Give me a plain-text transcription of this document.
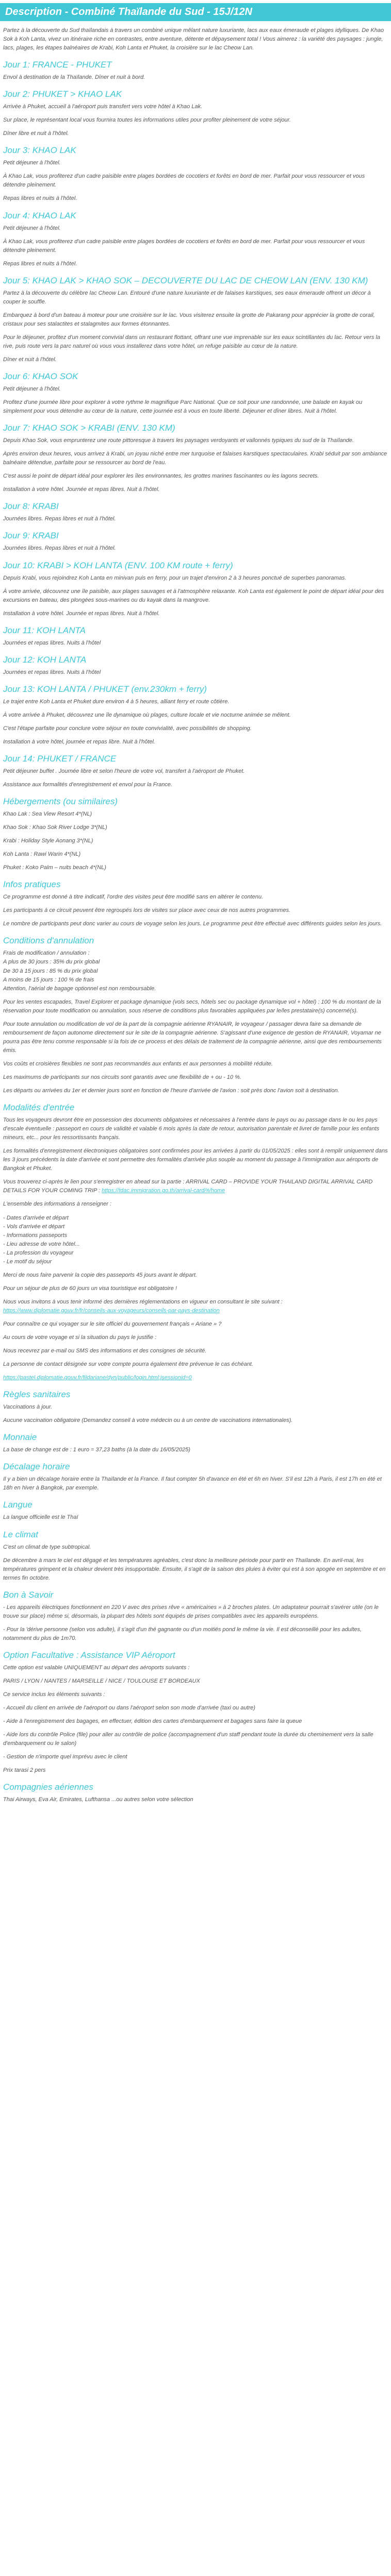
Description - Combiné Thaïlande du Sud - 15J/12N

Partez à la découverte du Sud thaïlandais à travers un combiné unique mêlant nature luxuriante, lacs aux eaux émeraude et plages idylliques. De Khao Sok à Koh Lanta, vivez un itinéraire riche en contrastes, entre aventure, détente et dépaysement total ! Vous aimerez : la variété des paysages : jungle, lacs, plages, les étapes balnéaires de Krabi, Koh Lanta et Phuket, la croisière sur le lac Cheow Lan.

Jour 1: FRANCE - PHUKET

Envol à destination de la Thaïlande. Dîner et nuit à bord.

Jour 2: PHUKET > KHAO LAK

Arrivée à Phuket, accueil à l'aéroport puis transfert vers votre hôtel à Khao Lak.

Sur place, le représentant local vous fournira toutes les informations utiles pour profiter pleinement de votre séjour.

Dîner libre et nuit à l'hôtel.

Jour 3: KHAO LAK

Petit déjeuner à l'hôtel.

À Khao Lak, vous profiterez d'un cadre paisible entre plages bordées de cocotiers et forêts en bord de mer. Parfait pour vous ressourcer et vous détendre pleinement.

Repas libres et nuits à l'hôtel.

Jour 4: KHAO LAK

Petit déjeuner à l'hôtel.

À Khao Lak, vous profiterez d'un cadre paisible entre plages bordées de cocotiers et forêts en bord de mer. Parfait pour vous ressourcer et vous détendre pleinement.

Repas libres et nuits à l'hôtel.

Jour 5: KHAO LAK > KHAO SOK – DECOUVERTE DU LAC DE CHEOW LAN (ENV. 130 KM)

Partez à la découverte du célèbre lac Cheow Lan. Entouré d'une nature luxuriante et de falaises karstiques, ses eaux émeraude offrent un décor à couper le souffle.

Embarquez à bord d'un bateau à moteur pour une croisière sur le lac. Vous visiterez ensuite la grotte de Pakarang pour apprécier la grotte de corail, cristaux pour ses stalactites et stalagmites aux formes étonnantes.

Pour le déjeuner, profitez d'un moment convivial dans un restaurant flottant, offrant une vue imprenable sur les eaux scintillantes du lac. Retour vers la rive, puis route vers la parc naturel où vous vous installerez dans votre hôtel, un refuge paisible au cœur de la nature.

Dîner et nuit à l'hôtel.

Jour 6: KHAO SOK

Petit déjeuner à l'hôtel.

Profitez d'une journée libre pour explorer à votre rythme le magnifique Parc National. Que ce soit pour une randonnée, une balade en kayak ou simplement pour vous détendre au cœur de la nature, cette journée est à vous en toute liberté. Déjeuner et dîner libres. Nuit à l'hôtel.

Jour 7: KHAO SOK > KRABI (ENV. 130 KM)

Depuis Khao Sok, vous emprunterez une route pittoresque à travers les paysages verdoyants et vallonnés typiques du sud de la Thaïlande.

Après environ deux heures, vous arrivez à Krabi, un joyau niché entre mer turquoise et falaises karstiques spectaculaires. Krabi séduit par son ambiance balnéaire détendue, parfaite pour se ressourcer au bord de l'eau.

C'est aussi le point de départ idéal pour explorer les îles environnantes, les grottes marines fascinantes ou les lagons secrets.

Installation à votre hôtel. Journée et repas libres. Nuit à l'hôtel.

Jour 8: KRABI

Journées libres. Repas libres et nuit à l'hôtel.

Jour 9: KRABI

Journées libres. Repas libres et nuit à l'hôtel.

Jour 10: KRABI > KOH LANTA (ENV. 100 KM route + ferry)

Depuis Krabi, vous rejoindrez Koh Lanta en minivan puis en ferry, pour un trajet d'environ 2 à 3 heures ponctué de superbes panoramas.

À votre arrivée, découvrez une île paisible, aux plages sauvages et à l'atmosphère relaxante. Koh Lanta est également le point de départ idéal pour des excursions en bateau, des plongées sous-marines ou du kayak dans la mangrove.

Installation à votre hôtel. Journée et repas libres. Nuit à l'hôtel.

Jour 11: KOH LANTA

Journées et repas libres. Nuits à l'hôtel

Jour 12: KOH LANTA

Journées et repas libres. Nuits à l'hôtel

Jour 13: KOH LANTA / PHUKET (env.230km + ferry)

Le trajet entre Koh Lanta et Phuket dure environ 4 à 5 heures, alliant ferry et route côtière.

À votre arrivée à Phuket, découvrez une île dynamique où plages, culture locale et vie nocturne animée se mêlent.

C'est l'étape parfaite pour conclure votre séjour en toute convivialité, avec possibilités de shopping.

Installation à votre hôtel, journée et repas libre. Nuit à l'hôtel.

Jour 14: PHUKET / FRANCE

Petit déjeuner buffet . Journée libre et selon l'heure de votre vol, transfert à l'aéroport de Phuket.

Assistance aux formalités d'enregistrement et envol pour la France.

Hébergements (ou similaires)

Khao Lak : Sea View Resort 4*(NL)

Khao Sok : Khao Sok River Lodge 3*(NL)

Krabi : Holiday Style Aonang 3*(NL)

Koh Lanta : Rawi Warin 4*(NL)

Phuket : Koko Palm – nuits beach 4*(NL)

Infos pratiques

Ce programme est donné à titre indicatif, l'ordre des visites peut être modifié sans en altérer le contenu.

Les participants à ce circuit peuvent être regroupés lors de visites sur place avec ceux de nos autres programmes.

Le nombre de participants peut donc varier au cours de voyage selon les jours. Le programme peut être effectué avec différents guides selon les jours.

Conditions d'annulation

Frais de modification / annulation :
A plus de 30 jours : 35% du prix global
De 30 à 15 jours : 85 % du prix global
A moins de 15 jours : 100 % de frais
Attention, l'aérial de bagage optionnel est non remboursable.

Pour les ventes escapades, Travel Explorer et package dynamique (vols secs, hôtels sec ou package dynamique vol + hôtel) : 100 % du montant de la réservation pour toute modification ou annulation, sous réserve de conditions plus favorables appliquées par le/les prestataire(s) concerné(s).

Pour toute annulation ou modification de vol de la part de la compagnie aérienne RYANAIR, le voyageur / passager devra faire sa demande de remboursement de façon autonome directement sur le site de la compagnie aérienne. S'agissant d'une exigence de gestion de RYANAIR, Voyamar ne pourra pas être tenu comme responsable si la fois de ce process et des délais de traitement de la compagnie aérienne, ainsi que des remboursements émis.

Vos coûts et croisières flexibles ne sont pas recommandés aux enfants et aux personnes à mobilité réduite.

Les maximums de participants sur nos circuits sont garantis avec une flexibilité de + ou - 10 %.

Les départs ou arrivées du 1er et dernier jours sont en fonction de l'heure d'arrivée de l'avion : soit près donc l'avion soit à destination.

Modalités d'entrée

Tous les voyageurs devront être en possession des documents obligatoires et nécessaires à l'entrée dans le pays ou au passage dans le ou les pays d'escale éventuelle : passeport en cours de validité et valable 6 mois après la date de retour, autorisation parentale et livret de famille pour les enfants mineurs, etc... pour les ressortissants français.

Les formalités d'enregistrement électroniques obligatoires sont confirmées pour les arrivées à partir du 01/05/2025 : elles sont à remplir uniquement dans les 3 jours précédents la date d'arrivée et sont permettre des formalités d'arrivée plus souple au moment du passage à l'immigration aux aéroports de Bangkok et Phuket.

Vous trouverez ci-après le lien pour s'enregistrer en ahead sur la partie : ARRIVAL CARD – PROVIDE YOUR THAILAND DIGITAL ARRIVAL CARD DETAILS FOR YOUR COMING TRIP : https://tdac.immigration.go.th/arrival-card/#/home

L'ensemble des informations à renseigner :

- Dates d'arrivée et départ
- Vols d'arrivée et départ
- Informations passeports
- Lieu adresse de votre hôtel...
- La profession du voyageur
- Le motif du séjour

Merci de nous faire parvenir la copie des passeports 45 jours avant le départ.

Pour un séjour de plus de 60 jours un visa touristique est obligatoire !

Nous vous invitons à vous tenir informé des dernières réglementations en vigueur en consultant le site suivant : https://www.diplomatie.gouv.fr/fr/conseils-aux-voyageurs/conseils-par-pays-destination

Pour connaître ce qui voyager sur le site officiel du gouvernement français « Ariane » ?

Au cours de votre voyage et si la situation du pays le justifie :

Nous recevrez par e-mail ou SMS des informations et des consignes de sécurité.

La personne de contact désignée sur votre compte pourra également être prévenue le cas échéant.

https://pastel.diplomatie.gouv.fr/fildariane/dyn/public/login.html;jsessionid=0

Règles sanitaires

Vaccinations à jour.

Aucune vaccination obligatoire (Demandez conseil à votre médecin ou à un centre de vaccinations internationales).

Monnaie

La base de change est de : 1 euro = 37,23 baths (à la date du 16/05/2025)

Décalage horaire

Il y a bien un décalage horaire entre la Thaïlande et la France. Il faut compter 5h d'avance en été et 6h en hiver. S'il est 12h à Paris, il est 17h en été et 18h en hiver à Bangkok, par exemple.

Langue

La langue officielle est le Thaï

Le climat

C'est un climat de type subtropical.

De décembre à mars le ciel est dégagé et les températures agréables, c'est donc la meilleure période pour partir en Thaïlande. En avril-mai, les températures grimpent et la chaleur devient très insupportable. Ensuite, il s'agit de la saison des pluies à éviter qui est à son apogée en septembre et en termes fin octobre.

Bon à Savoir

- Les appareils électriques fonctionnent en 220 V avec des prises rêve « américaines » à 2 broches plates. Un adaptateur pourrait s'avérer utile (on le trouve sur place) même si, désormais, la plupart des hôtels sont équipés de prises compatibles avec les appareils européens.

- Pour la 'dérive personne (selon vos adulte), il s'agit d'un thé gagnante ou d'un moitiés pond le même la vie. Il est déconseillé pour les adultes, notamment du plus de 1m70.

Option Facultative : Assistance VIP Aéroport

Cette option est valable UNIQUEMENT au départ des aéroports suivants :

PARIS / LYON / NANTES / MARSEILLE / NICE / TOULOUSE ET BORDEAUX

Ce service inclus les éléments suivants :

- Accueil du client en arrivée de l'aéroport ou dans l'aéroport selon son mode d'arrivée (taxi ou autre)

- Aide à l'enregistrement des bagages, en effectuer, édition des cartes d'embarquement et bagages sans faire la queue

- Aide lors du contrôle Police (file) pour aller au contrôle de police (accompagnement d'un staff pendant toute la durée du cheminement vers la salle d'embarquement ou le salon)

- Gestion de n'importe quel imprévu avec le client

Prix tarasi 2 pers

Compagnies aériennes

Thai Airways, Eva Air, Emirates, Lufthansa ...ou autres selon votre sélection
